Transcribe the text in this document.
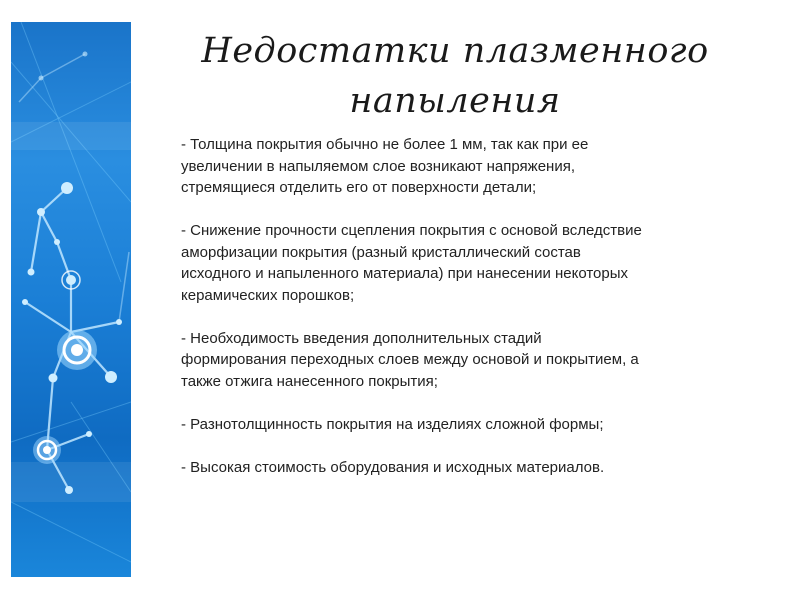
Недостатки плазменного
напыления

- Толщина покрытия обычно не более 1 мм, так как при ее
увеличении в напыляемом слое возникают напряжения,
стремящиеся отделить его от поверхности детали;

- Снижение прочности сцепления покрытия с основой вследствие
аморфизации покрытия (разный кристаллический состав
исходного и напыленного материала) при нанесении некоторых
керамических порошков;

- Необходимость введения дополнительных стадий
формирования переходных слоев между основой и покрытием, а
также отжига нанесенного покрытия;

- Разнотолщинность покрытия на изделиях сложной формы;

- Высокая стоимость оборудования и исходных материалов.
